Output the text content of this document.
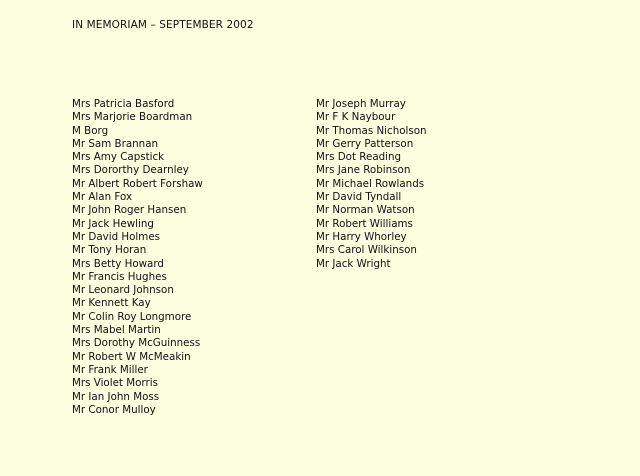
IN MEMORIAM – SEPTEMBER 2002
Mrs Patricia Basford
Mrs Marjorie Boardman
M Borg
Mr Sam Brannan
Mrs Amy Capstick
Mrs Dororthy Dearnley
Mr Albert Robert Forshaw
Mr Alan Fox
Mr John Roger Hansen
Mr Jack Hewling
Mr David Holmes
Mr Tony Horan
Mrs Betty Howard
Mr Francis Hughes
Mr Leonard Johnson
Mr Kennett Kay
Mr Colin Roy Longmore
Mrs Mabel Martin
Mrs Dorothy McGuinness
Mr Robert W McMeakin
Mr Frank Miller
Mrs Violet Morris
Mr Ian John Moss
Mr Conor Mulloy
Mr Joseph Murray
Mr F K Naybour
Mr Thomas Nicholson
Mr Gerry Patterson
Mrs Dot Reading
Mrs Jane Robinson
Mr Michael Rowlands
Mr David Tyndall
Mr Norman Watson
Mr Robert Williams
Mr Harry Whorley
Mrs Carol Wilkinson
Mr Jack Wright
